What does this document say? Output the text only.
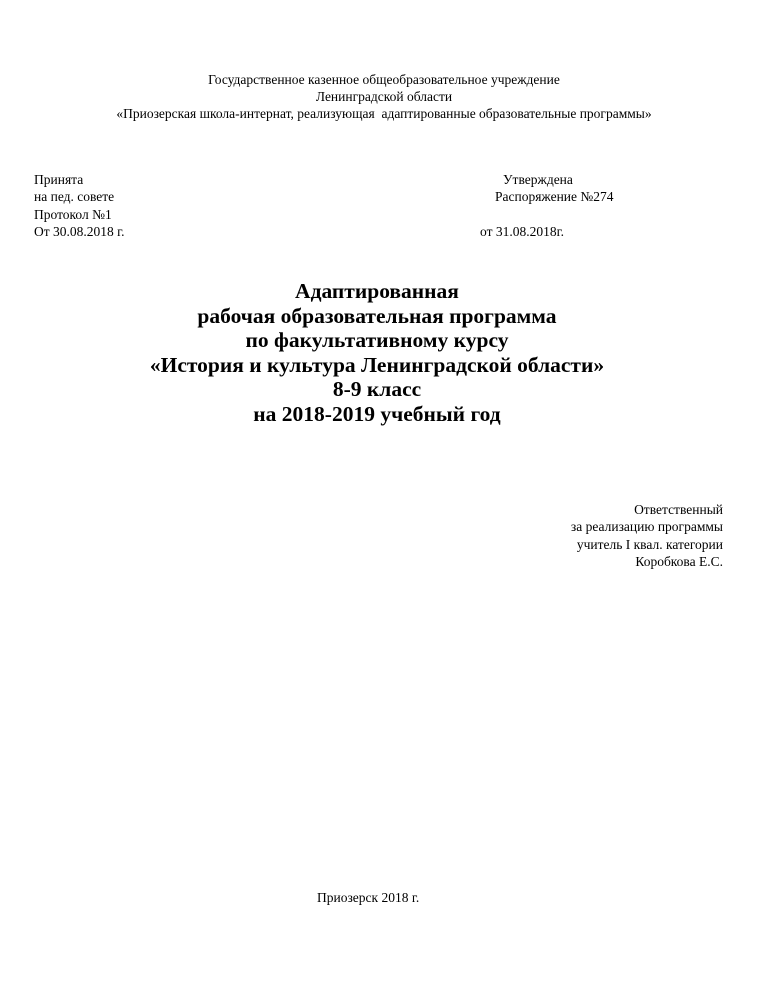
Государственное казенное общеобразовательное учреждение
Ленинградской области
«Приозерская школа-интернат, реализующая  адаптированные образовательные программы»
Принята
на пед. совете
Протокол №1
От 30.08.2018 г.
Утверждена
Распоряжение №274
от 31.08.2018г.
Адаптированная
рабочая образовательная программа
по факультативному курсу
«История и культура Ленинградской области»
8-9 класс
на 2018-2019 учебный год
Ответственный
за реализацию программы
учитель I квал. категории
Коробкова Е.С.
Приозерск 2018 г.
